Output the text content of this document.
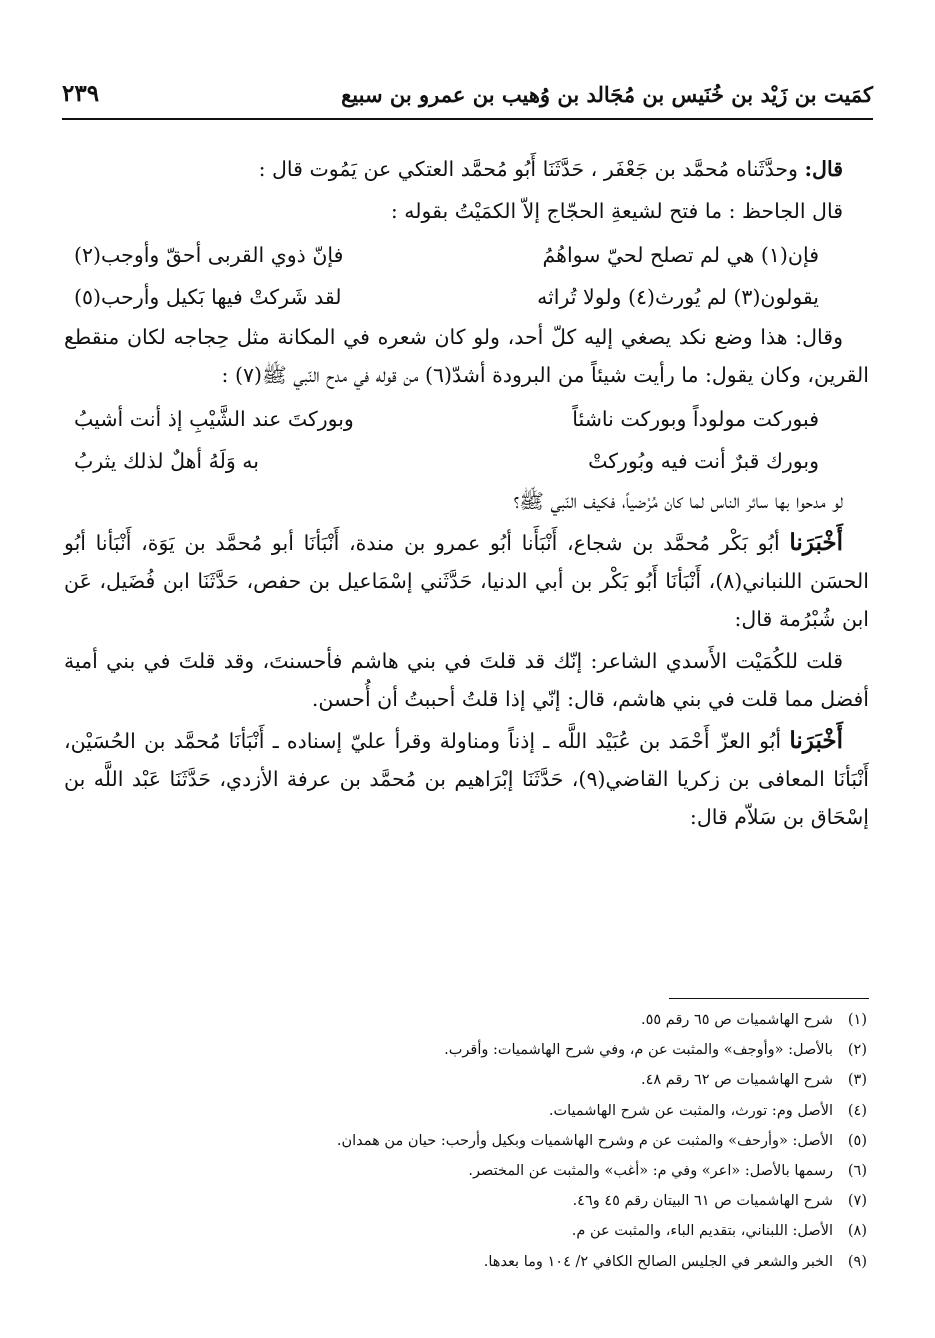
كمَيت بن زَيْد بن خُنَيس بن مُجَالد بن وُهيب بن عمرو بن سبيع
٢٣٩

قال: وحدَّثَناه مُحمَّد بن جَعْفَر ، حَدَّثَنَا أَبُو مُحمَّد العتكي عن يَمُوت قال :

قال الجاحظ : ما فتح لشيعةِ الحجّاج إلاّ الكمَيْتُ بقوله :

فإن(١) هي لم تصلح لحيّ سواهُمُ
فإنّ ذوي القربى أحقّ وأوجب(٢)
يقولون(٣) لم يُورث(٤) ولولا تُراثه
لقد شَركتْ فيها بَكيل وأرحب(٥)

وقال: هذا وضع نكد يصغي إليه كلّ أحد، ولو كان شعره في المكانة مثل حِجاجه لكان منقطع القرين، وكان يقول: ما رأيت شيئاً من البرودة أشدّ(٦) من قوله في مدح النّبي ﷺ(٧) :

فبوركت مولوداً وبوركت ناشئاً
وبوركتَ عند الشَّيْبِ إذ أنت أشيبُ
وبورك قبرٌ أنت فيه وبُوركتْ
به وَلَهُ أهلٌ لذلك يثربُ

لو مدحوا بها سائر الناس لما كان مُرْضياً، فكيف النّبي ﷺ؟

أَخْبَرَنا أبُو بَكْر مُحمَّد بن شجاع، أَنْبَأَنا أبُو عمرو بن مندة، أَنْبَأنَا أبو مُحمَّد بن يَوَة، أَنْبَأنا أبُو الحسَن اللنباني(٨)، أَنْبَأنَا أَبُو بَكْر بن أبي الدنيا، حَدَّثَني إسْمَاعيل بن حفص، حَدَّثَنَا ابن فُضَيل، عَن ابن شُبْرُمة قال:

قلت للكُمَيْت الأَسدي الشاعر: إنّك قد قلتَ في بني هاشم فأحسنتَ، وقد قلتَ في بني أمية أفضل مما قلت في بني هاشم، قال: إنّي إذا قلتُ أحببتُ أن أُحسن.

أَخْبَرَنا أبُو العزّ أَحْمَد بن عُبَيْد اللَّه ـ إذناً ومناولة وقرأ عليّ إسناده ـ أَنْبَأنَا مُحمَّد بن الحُسَيْن، أَنْبَأنَا المعافى بن زكريا القاضي(٩)، حَدَّثَنَا إبْرَاهيم بن مُحمَّد بن عرفة الأزدي، حَدَّثَنَا عَبْد اللَّه بن إسْحَاق بن سَلاّم قال:

(١)شرح الهاشميات ص ٦٥ رقم ٥٥.
(٢)بالأصل: «وأوجف» والمثبت عن م، وفي شرح الهاشميات: وأقرب.
(٣)شرح الهاشميات ص ٦٢ رقم ٤٨.
(٤)الأصل وم: تورث، والمثبت عن شرح الهاشميات.
(٥)الأصل: «وأرحف» والمثبت عن م وشرح الهاشميات وبكيل وأرحب: حيان من همدان.
(٦)رسمها بالأصل: «اعر» وفي م: «أغب» والمثبت عن المختصر.
(٧)شرح الهاشميات ص ٦١ البيتان رقم ٤٥ و٤٦.
(٨)الأصل: اللبناني، بتقديم الباء، والمثبت عن م.
(٩)الخبر والشعر في الجليس الصالح الكافي ٢/ ١٠٤ وما بعدها.
